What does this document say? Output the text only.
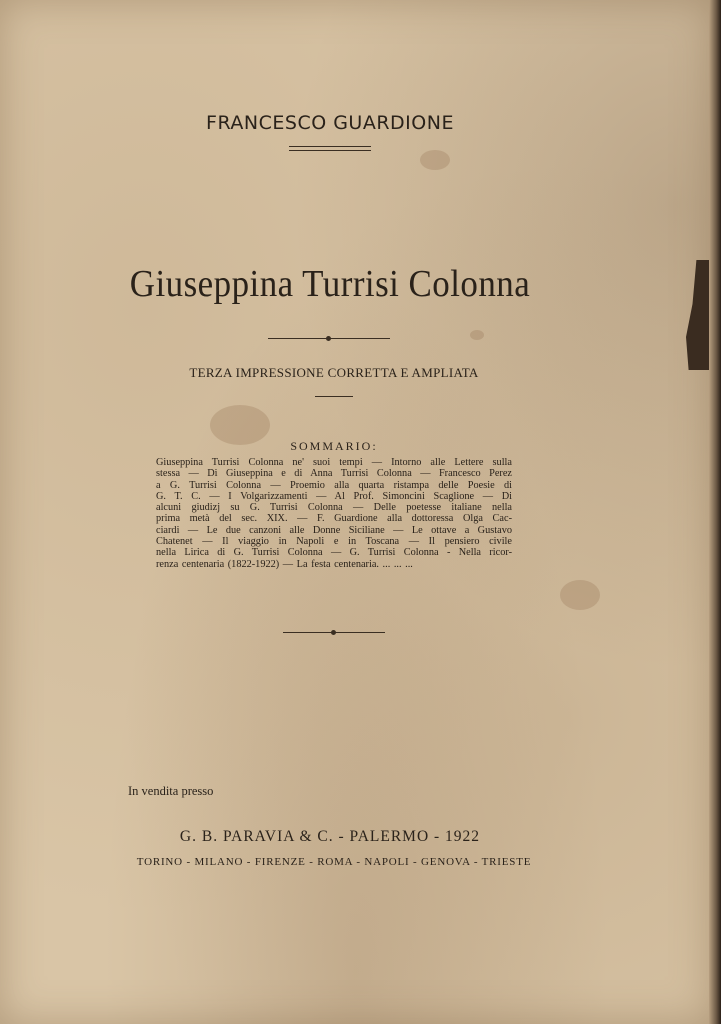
FRANCESCO GUARDIONE
Giuseppina Turrisi Colonna
TERZA IMPRESSIONE CORRETTA E AMPLIATA
SOMMARIO:
Giuseppina Turrisi Colonna ne' suoi tempi — Intorno alle Lettere sulla
stessa — Di Giuseppina e di Anna Turrisi Colonna — Francesco Perez
a G. Turrisi Colonna — Proemio alla quarta ristampa delle Poesie di
G. T. C. — I Volgarizzamenti — Al Prof. Simoncini Scaglione — Di
alcuni giudizj su G. Turrisi Colonna — Delle poetesse italiane nella
prima metà del sec. XIX. — F. Guardione alla dottoressa Olga Cac-
ciardi — Le due canzoni alle Donne Siciliane — Le ottave a Gustavo
Chatenet — Il viaggio in Napoli e in Toscana — Il pensiero civile
nella Lirica di G. Turrisi Colonna — G. Turrisi Colonna - Nella ricor-
renza centenaria (1822-1922) — La festa centenaria. ... ... ...
In vendita presso
G. B. PARAVIA & C. - PALERMO - 1922
TORINO - MILANO - FIRENZE - ROMA - NAPOLI - GENOVA - TRIESTE
